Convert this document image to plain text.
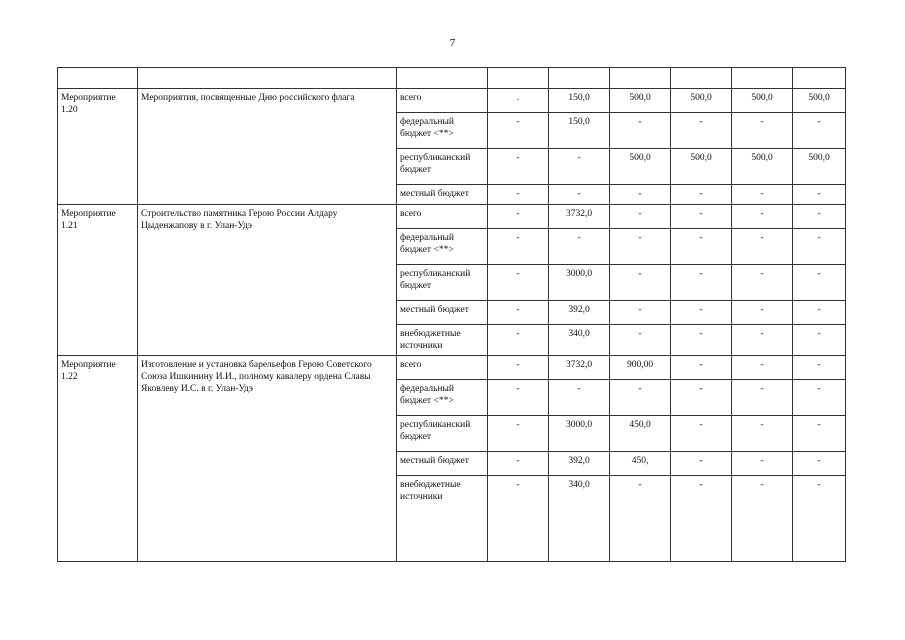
7

Мероприятие 1.20	Мероприятия, посвященные Дню российского флага	всего	.	150,0	500,0	500,0	500,0	500,0
		федеральный бюджет <**>	-	150,0	-	-	-	-
		республиканский бюджет	-	-	500,0	500,0	500,0	500,0
		местный бюджет	-	-	-	-	-	-
Мероприятие 1.21	Строительство памятника Герою России Алдару Цыденжапову в г. Улан-Удэ	всего	-	3732,0	-	-	-	-
		федеральный бюджет <**>	-	-	-	-	-	-
		республиканский бюджет	-	3000,0	-	-	-	-
		местный бюджет	-	392,0	-	-	-	-
		внебюджетные источники	-	340,0	-	-	-	-
Мероприятие 1.22	Изготовление и установка барельефов Герою Советского Союза Ишкинину И.И., полному кавалеру ордена Славы Яковлеву И.С. в г. Улан-Удэ	всего	-	3732,0	900,00	-	-	-
		федеральный бюджет <**>	-	-	-	-	-	-
		республиканский бюджет	-	3000,0	450,0	-	-	-
		местный бюджет	-	392,0	450,	-	-	-
		внебюджетные источники	-	340,0	-	-	-	-
